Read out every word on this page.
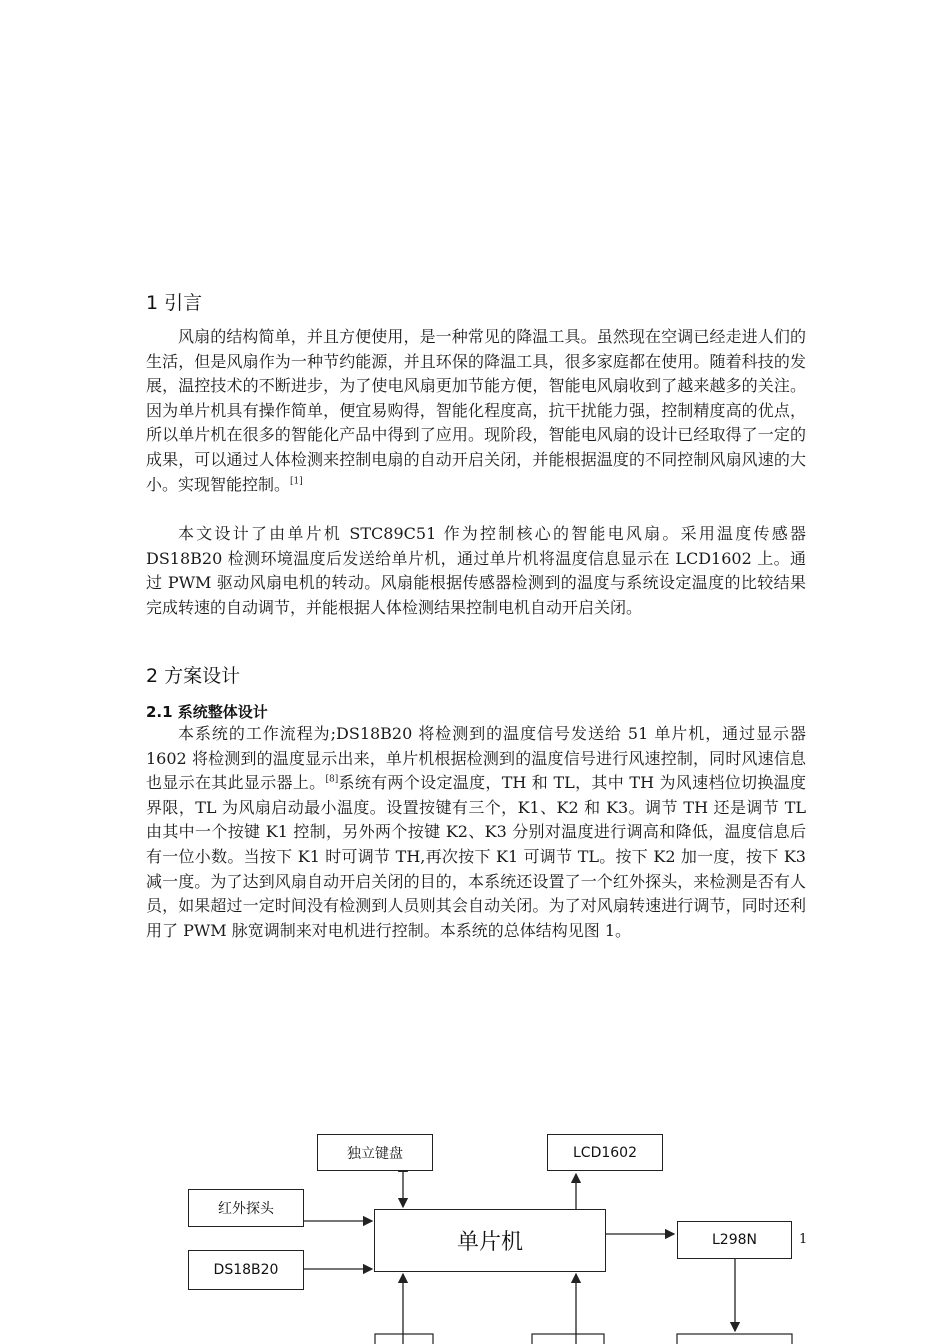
1 引言

风扇的结构简单，并且方便使用，是一种常见的降温工具。虽然现在空调已经走进人们的生活，但是风扇作为一种节约能源，并且环保的降温工具，很多家庭都在使用。随着科技的发展，温控技术的不断进步，为了使电风扇更加节能方便，智能电风扇收到了越来越多的关注。因为单片机具有操作简单，便宜易购得，智能化程度高，抗干扰能力强，控制精度高的优点，所以单片机在很多的智能化产品中得到了应用。现阶段，智能电风扇的设计已经取得了一定的成果，可以通过人体检测来控制电扇的自动开启关闭，并能根据温度的不同控制风扇风速的大小。实现智能控制。[1]

本文设计了由单片机 STC89C51 作为控制核心的智能电风扇。采用温度传感器 DS18B20 检测环境温度后发送给单片机，通过单片机将温度信息显示在 LCD1602 上。通过 PWM 驱动风扇电机的转动。风扇能根据传感器检测到的温度与系统设定温度的比较结果完成转速的自动调节，并能根据人体检测结果控制电机自动开启关闭。

2 方案设计
2.1 系统整体设计

本系统的工作流程为;DS18B20 将检测到的温度信号发送给 51 单片机，通过显示器 1602 将检测到的温度显示出来，单片机根据检测到的温度信号进行风速控制，同时风速信息也显示在其此显示器上。[8]系统有两个设定温度，TH 和 TL，其中 TH 为风速档位切换温度界限，TL 为风扇启动最小温度。设置按键有三个，K1、K2 和 K3。调节 TH 还是调节 TL 由其中一个按键 K1 控制，另外两个按键 K2、K3 分别对温度进行调高和降低，温度信息后有一位小数。当按下 K1 时可调节 TH,再次按下 K1 可调节 TL。按下 K2 加一度，按下 K3 减一度。为了达到风扇自动开启关闭的目的，本系统还设置了一个红外探头，来检测是否有人员，如果超过一定时间没有检测到人员则其会自动关闭。为了对风扇转速进行调节，同时还利用了 PWM 脉宽调制来对电机进行控制。本系统的总体结构见图 1。

独立键盘	LCD1602
红外探头
单片机	L298N
DS18B20
1
